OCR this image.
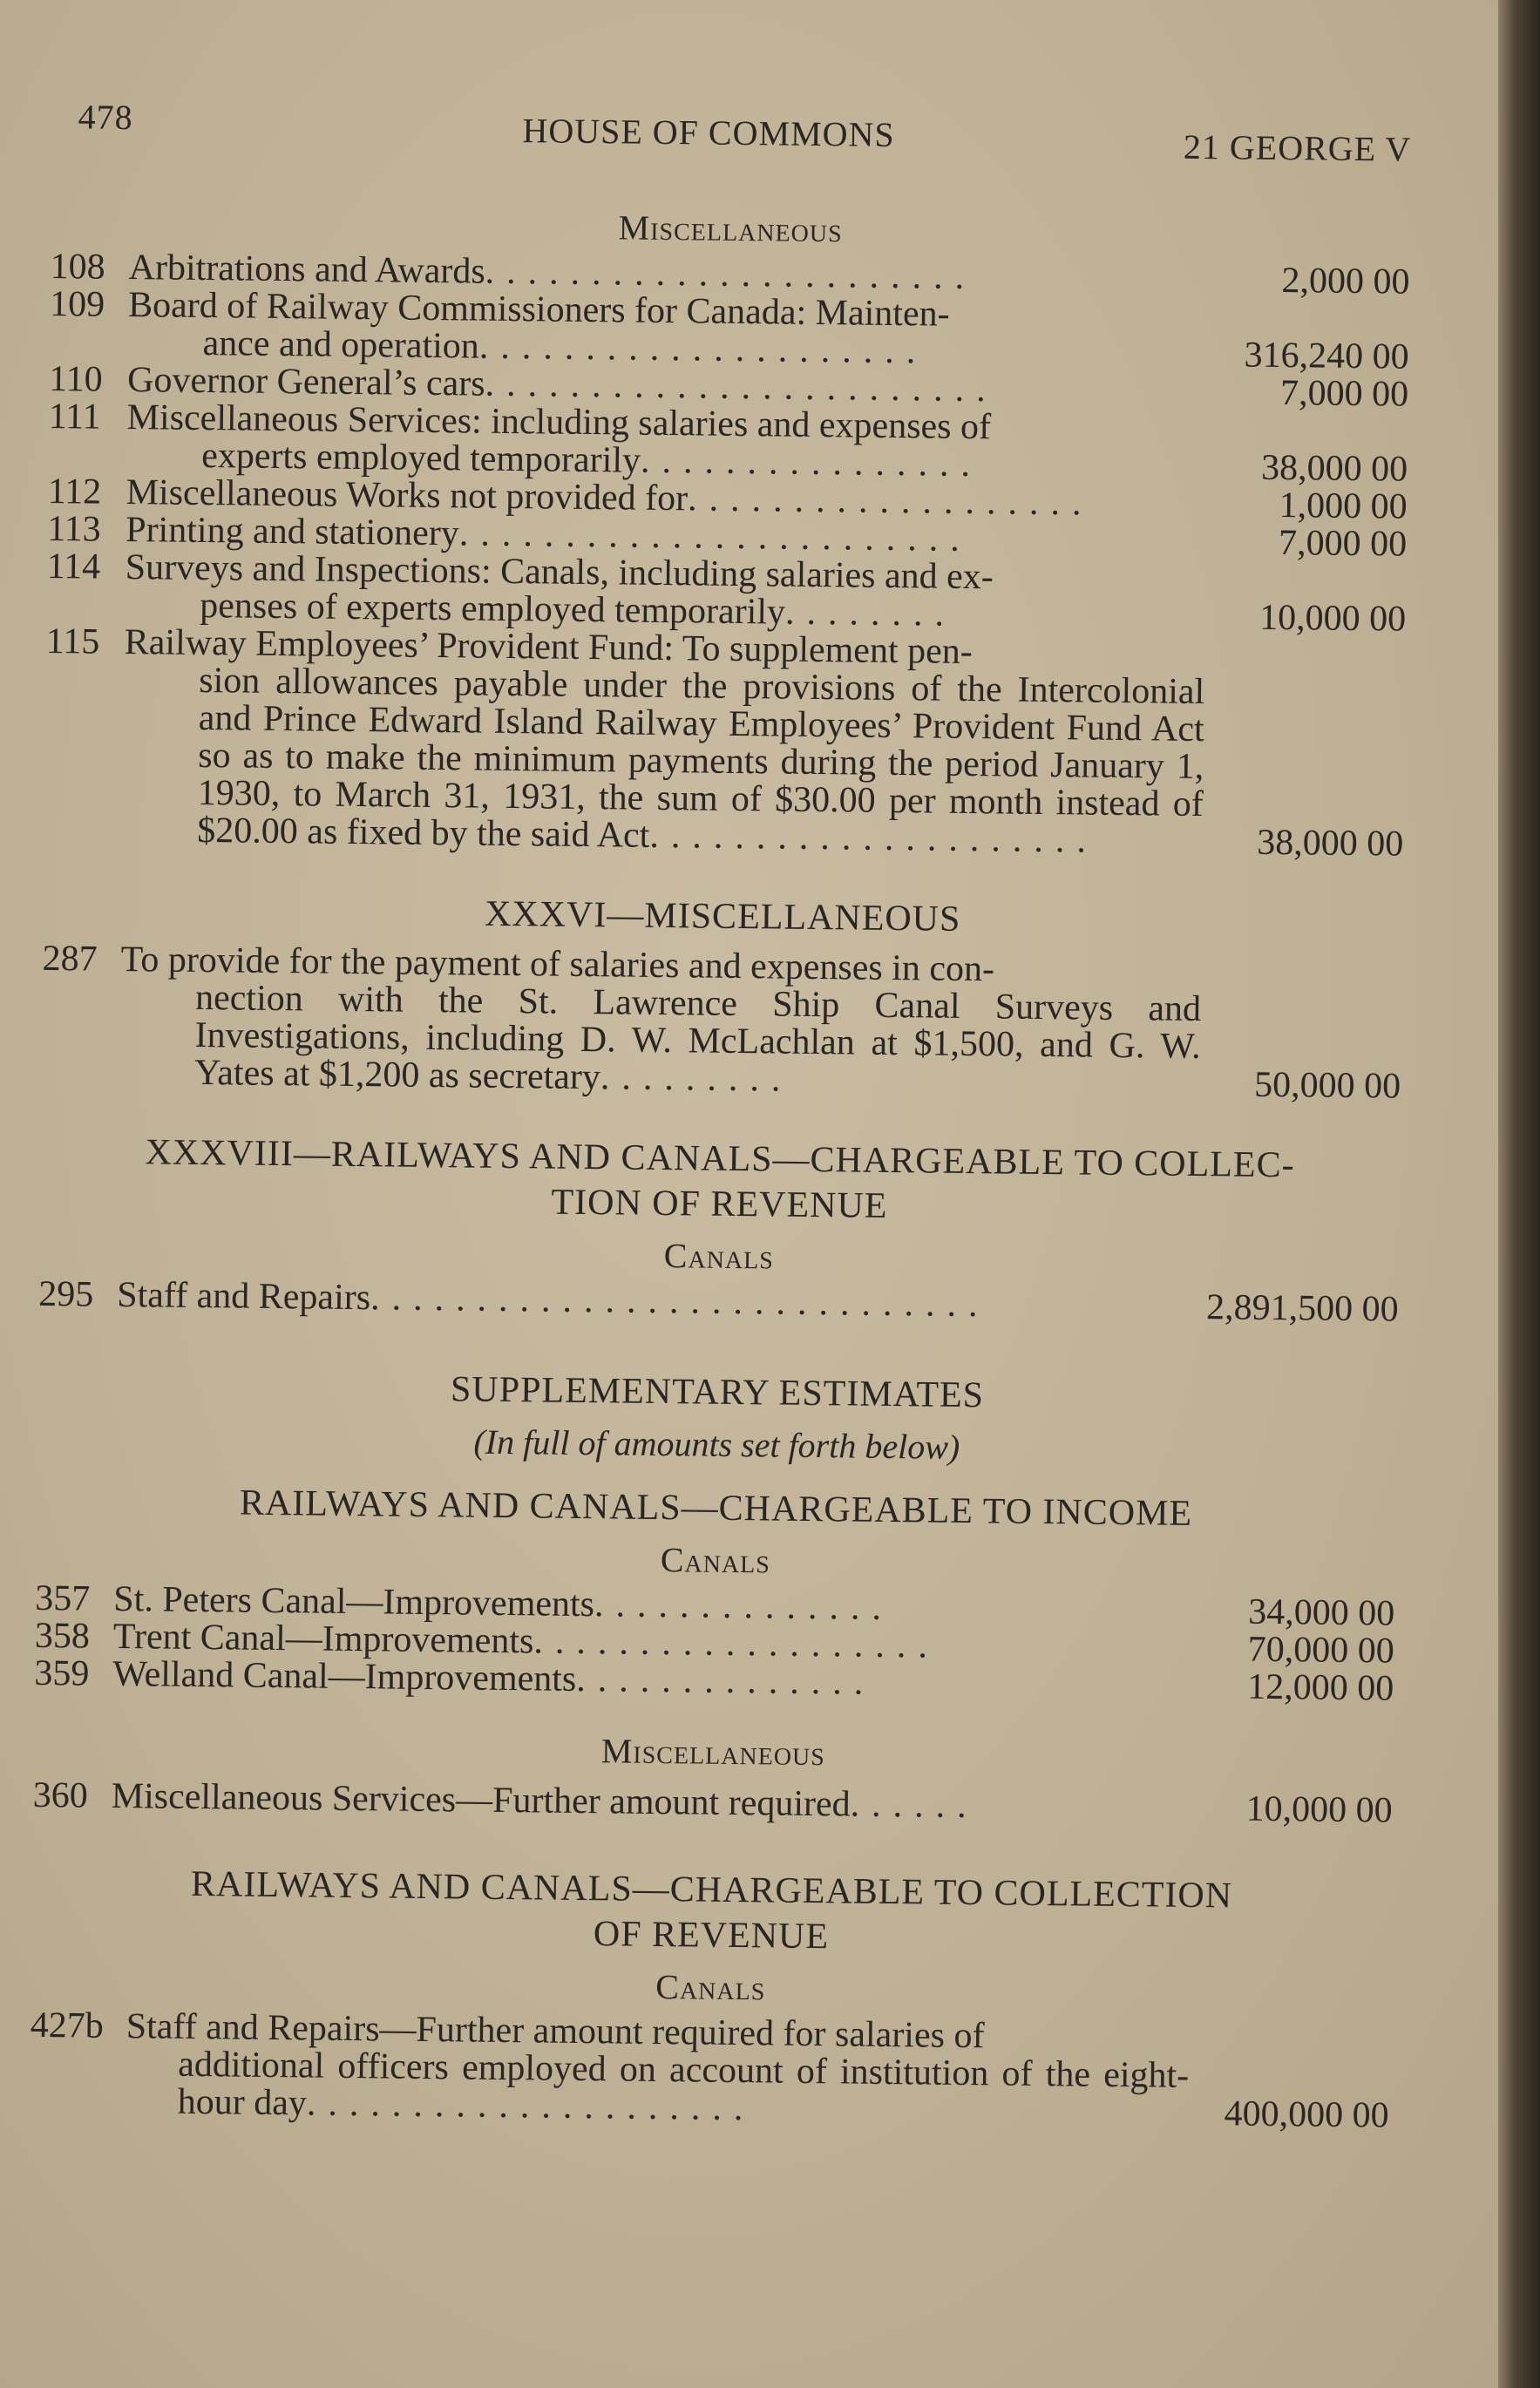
478	HOUSE OF COMMONS	21 GEORGE V
Miscellaneous
108 Arbitrations and Awards.......................	2,000 00
109 Board of Railway Commissioners for Canada: Mainten-
ance and operation.....................	316,240 00
110 Governor General’s cars........................	7,000 00
111 Miscellaneous Services: including salaries and expenses of
experts employed temporarily................	38,000 00
112 Miscellaneous Works not provided for...................	1,000 00
113 Printing and stationery........................	7,000 00
114 Surveys and Inspections: Canals, including salaries and ex-
penses of experts employed temporarily........	10,000 00
115 Railway Employees’ Provident Fund: To supplement pen-
sion allowances payable under the provisions of the Intercolonial and Prince Edward Island Railway Employees’ Provident Fund Act so as to make the minimum payments during the period January 1, 1930, to March 31, 1931, the sum of $30.00 per month instead of $20.00 as fixed by the said Act.....................	38,000 00
XXXVI—MISCELLANEOUS
287 To provide for the payment of salaries and expenses in con-
nection with the St. Lawrence Ship Canal Surveys and Investigations, including D. W. McLachlan at $1,500, and G. W. Yates at $1,200 as secretary.........	50,000 00
XXXVIII—RAILWAYS AND CANALS—CHARGEABLE TO COLLEC-
TION OF REVENUE
Canals
295 Staff and Repairs.............................	2,891,500 00
SUPPLEMENTARY ESTIMATES
(In full of amounts set forth below)
RAILWAYS AND CANALS—CHARGEABLE TO INCOME
Canals
357 St. Peters Canal—Improvements..............	34,000 00
358 Trent Canal—Improvements...................	70,000 00
359 Welland Canal—Improvements..............	12,000 00
Miscellaneous
360 Miscellaneous Services—Further amount required......	10,000 00
RAILWAYS AND CANALS—CHARGEABLE TO COLLECTION
OF REVENUE
Canals
427b Staff and Repairs—Further amount required for salaries of
additional officers employed on account of institution of the eight-hour day.....................	400,000 00
